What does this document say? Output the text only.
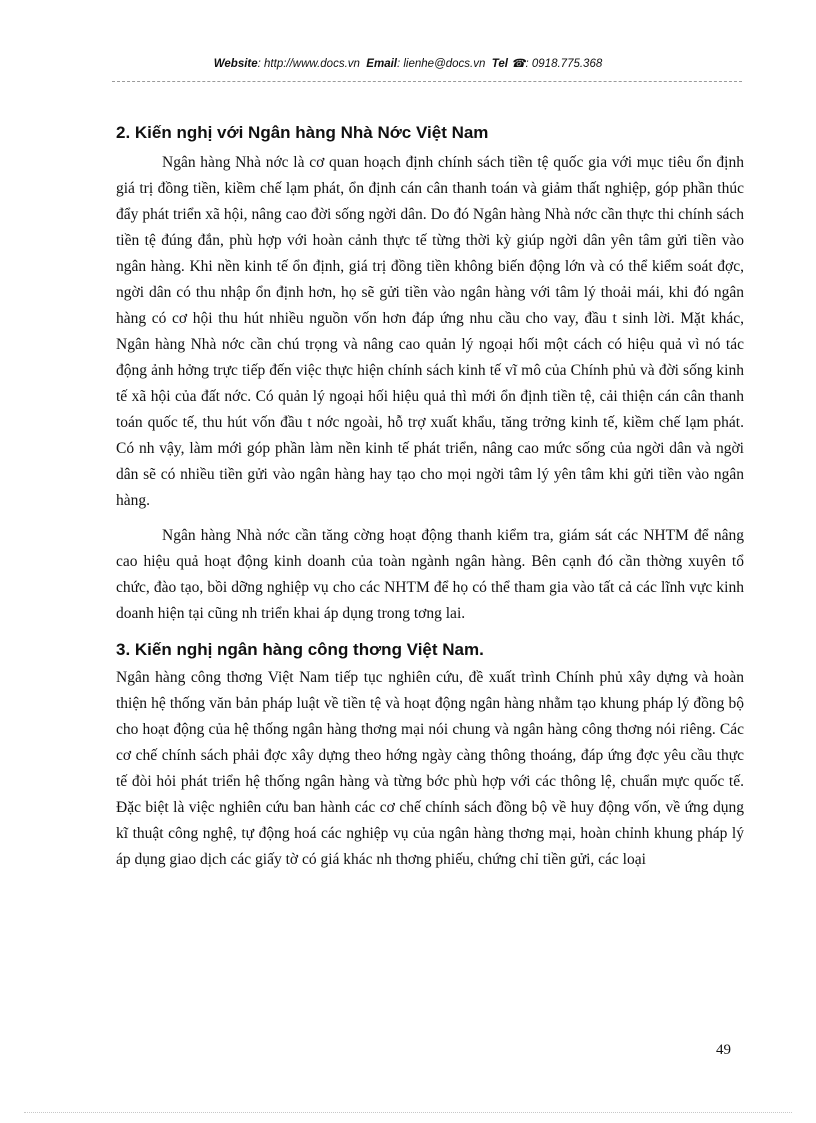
Website: http://www.docs.vn Email: lienhe@docs.vn Tel ☎: 0918.775.368
2. Kiến nghị với Ngân hàng Nhà Nớc Việt Nam

Ngân hàng Nhà nớc là cơ quan hoạch định chính sách tiền tệ quốc gia với mục tiêu ổn định giá trị đồng tiền, kiềm chế lạm phát, ổn định cán cân thanh toán và giảm thất nghiệp, góp phần thúc đẩy phát triển xã hội, nâng cao đời sống ngời dân. Do đó Ngân hàng Nhà nớc cần thực thi chính sách tiền tệ đúng đắn, phù hợp với hoàn cảnh thực tế từng thời kỳ giúp ngời dân yên tâm gửi tiền vào ngân hàng. Khi nền kinh tế ổn định, giá trị đồng tiền không biến động lớn và có thể kiểm soát đợc, ngời dân có thu nhập ổn định hơn, họ sẽ gửi tiền vào ngân hàng với tâm lý thoải mái, khi đó ngân hàng có cơ hội thu hút nhiều nguồn vốn hơn đáp ứng nhu cầu cho vay, đầu t sinh lời. Mặt khác, Ngân hàng Nhà nớc cần chú trọng và nâng cao quản lý ngoại hối một cách có hiệu quả vì nó tác động ảnh hởng trực tiếp đến việc thực hiện chính sách kinh tế vĩ mô của Chính phủ và đời sống kinh tế xã hội của đất nớc. Có quản lý ngoại hối hiệu quả thì mới ổn định tiền tệ, cải thiện cán cân thanh toán quốc tế, thu hút vốn đầu t nớc ngoài, hỗ trợ xuất khẩu, tăng trởng kinh tế, kiềm chế lạm phát. Có nh vậy, làm mới góp phần làm nền kinh tế phát triển, nâng cao mức sống của ngời dân và ngời dân sẽ có nhiều tiền gửi vào ngân hàng hay tạo cho mọi ngời tâm lý yên tâm khi gửi tiền vào ngân hàng.

Ngân hàng Nhà nớc cần tăng cờng hoạt động thanh kiểm tra, giám sát các NHTM để nâng cao hiệu quả hoạt động kinh doanh của toàn ngành ngân hàng. Bên cạnh đó cần thờng xuyên tổ chức, đào tạo, bồi dỡng nghiệp vụ cho các NHTM để họ có thể tham gia vào tất cả các lĩnh vực kinh doanh hiện tại cũng nh triển khai áp dụng trong tơng lai.

3. Kiến nghị ngân hàng công thơng Việt Nam.

Ngân hàng công thơng Việt Nam tiếp tục nghiên cứu, đề xuất trình Chính phủ xây dựng và hoàn thiện hệ thống văn bản pháp luật về tiền tệ và hoạt động ngân hàng nhằm tạo khung pháp lý đồng bộ cho hoạt động của hệ thống ngân hàng thơng mại nói chung và ngân hàng công thơng nói riêng. Các cơ chế chính sách phải đợc xây dựng theo hớng ngày càng thông thoáng, đáp ứng đợc yêu cầu thực tế đòi hỏi phát triển hệ thống ngân hàng và từng bớc phù hợp với các thông lệ, chuẩn mực quốc tế. Đặc biệt là việc nghiên cứu ban hành các cơ chế chính sách đồng bộ về huy động vốn, về ứng dụng kĩ thuật công nghệ, tự động hoá các nghiệp vụ của ngân hàng thơng mại, hoàn chỉnh khung pháp lý áp dụng giao dịch các giấy tờ có giá khác nh thơng phiếu, chứng chỉ tiền gửi, các loại

49
